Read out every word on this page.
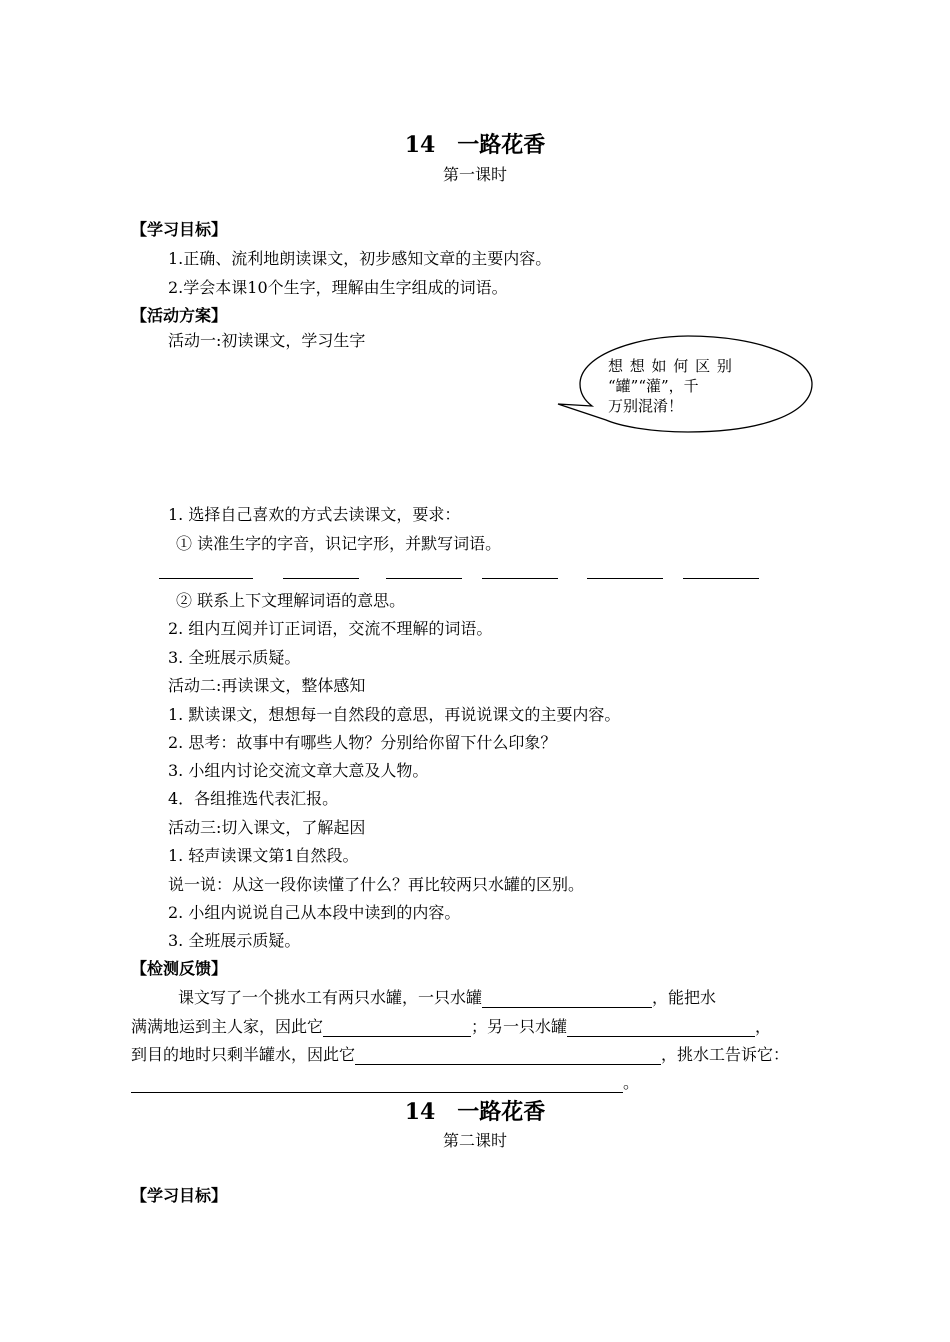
14　一路花香
第一课时
【学习目标】
1.正确、流利地朗读课文，初步感知文章的主要内容。
2.学会本课10个生字，理解由生字组成的词语。
【活动方案】
活动一:初读课文，学习生字
想 想 如 何 区 别
“罐”“灌”，千
万别混淆！
1. 选择自己喜欢的方式去读课文，要求：
① 读准生字的字音，识记字形，并默写词语。
② 联系上下文理解词语的意思。
2. 组内互阅并订正词语，交流不理解的词语。
3. 全班展示质疑。
活动二:再读课文，整体感知
1. 默读课文，想想每一自然段的意思，再说说课文的主要内容。
2. 思考：故事中有哪些人物？分别给你留下什么印象？
3. 小组内讨论交流文章大意及人物。
4．各组推选代表汇报。
活动三:切入课文，了解起因
1. 轻声读课文第1自然段。
说一说：从这一段你读懂了什么？再比较两只水罐的区别。
2. 小组内说说自己从本段中读到的内容。
3. 全班展示质疑。
【检测反馈】
课文写了一个挑水工有两只水罐，一只水罐	，能把水
满满地运到主人家，因此它	；另一只水罐	，
到目的地时只剩半罐水，因此它	，挑水工告诉它：
。
14　一路花香
第二课时
【学习目标】
